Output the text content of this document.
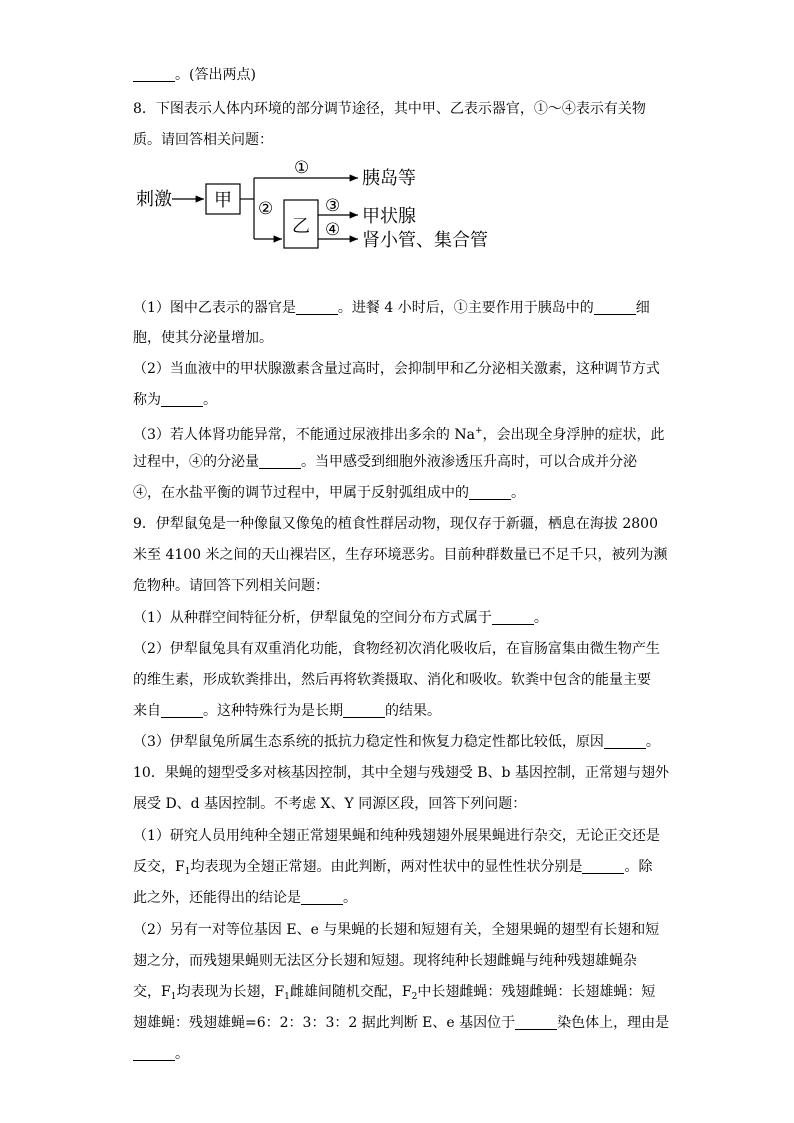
。(答出两点)
8．下图表示人体内环境的部分调节途径，其中甲、乙表示器官，①～④表示有关物
质。请回答相关问题：
刺激 甲
①	胰岛等
②
乙
③ 甲状腺
④ 肾小管、集合管
（1）图中乙表示的器官是	。进餐 4 小时后，①主要作用于胰岛中的	细
胞，使其分泌量增加。
（2）当血液中的甲状腺激素含量过高时，会抑制甲和乙分泌相关激素，这种调节方式
称为	。
（3）若人体肾功能异常，不能通过尿液排出多余的 Na+，会出现全身浮肿的症状，此
过程中，④的分泌量	。当甲感受到细胞外液渗透压升高时，可以合成并分泌
④，在水盐平衡的调节过程中，甲属于反射弧组成中的	。
9．伊犁鼠兔是一种像鼠又像兔的植食性群居动物，现仅存于新疆，栖息在海拔 2800
米至 4100 米之间的天山裸岩区，生存环境恶劣。目前种群数量已不足千只，被列为濒
危物种。请回答下列相关问题：
（1）从种群空间特征分析，伊犁鼠兔的空间分布方式属于	。
（2）伊犁鼠兔具有双重消化功能，食物经初次消化吸收后，在盲肠富集由微生物产生
的维生素，形成软粪排出，然后再将软粪摄取、消化和吸收。软粪中包含的能量主要
来自	。这种特殊行为是长期	的结果。
（3）伊犁鼠兔所属生态系统的抵抗力稳定性和恢复力稳定性都比较低，原因	。
10．果蝇的翅型受多对核基因控制，其中全翅与残翅受 B、b 基因控制，正常翅与翅外
展受 D、d 基因控制。不考虑 X、Y 同源区段，回答下列问题：
（1）研究人员用纯种全翅正常翅果蝇和纯种残翅翅外展果蝇进行杂交，无论正交还是
反交，$F_1$均表现为全翅正常翅。由此判断，两对性状中的显性性状分别是	。除
此之外，还能得出的结论是	。
（2）另有一对等位基因 E、e 与果蝇的长翅和短翅有关，全翅果蝇的翅型有长翅和短
翅之分，而残翅果蝇则无法区分长翅和短翅。现将纯种长翅雌蝇与纯种残翅雄蝇杂
交，$F_1$均表现为长翅，$F_1$雌雄间随机交配，$F_2$中长翅雌蝇：残翅雌蝇：长翅雄蝇：短
翅雄蝇：残翅雄蝇=6：2：3：3：2 据此判断 E、e 基因位于	染色体上，理由是
。
